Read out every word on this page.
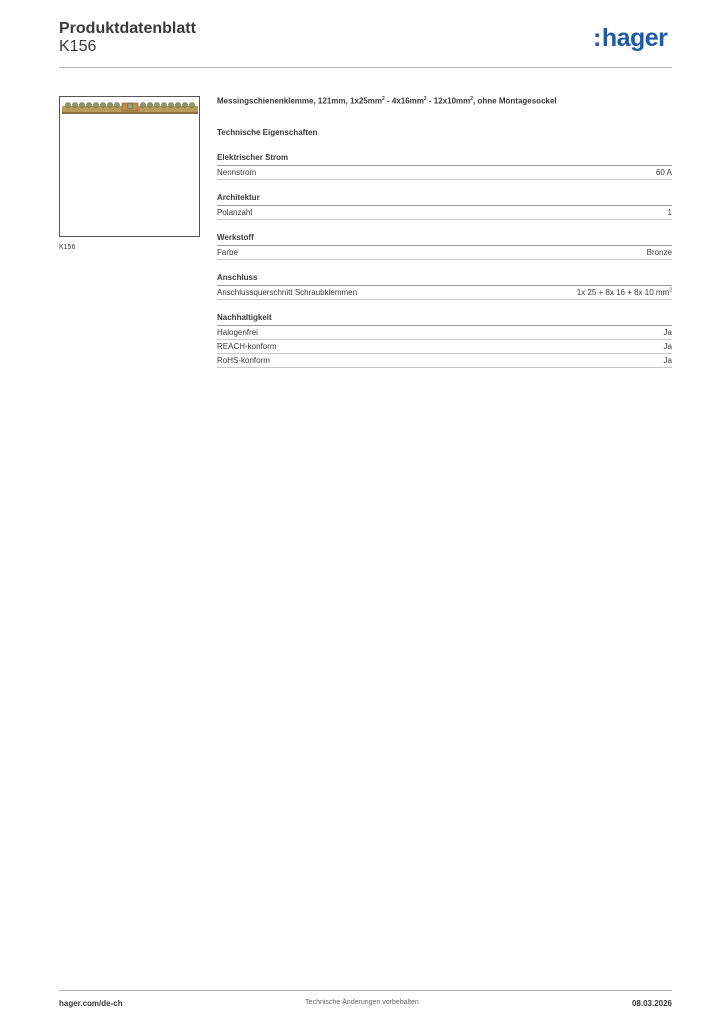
Produktdatenblatt
K156	:hager
K156
Messingschienenklemme, 121mm, $1x25mm^2 - 4x16mm^2 - 12x10mm^2$, ohne Montagesockel
Technische Eigenschaften
Elektrischer Strom
Nennstrom	60 A
Architektur
Polanzahl	1
Werkstoff
Farbe	Bronze
Anschluss
Anschlussquerschnitt Schraubklemmen	1x 25 + 8x 16 + 8x 10 $mm^2$
Nachhaltigkeit
Halogenfrei	Ja
REACH-konform	Ja
RoHS-konform	Ja
hager.com/de-ch	Technische Änderungen vorbehalten	08.03.2026
